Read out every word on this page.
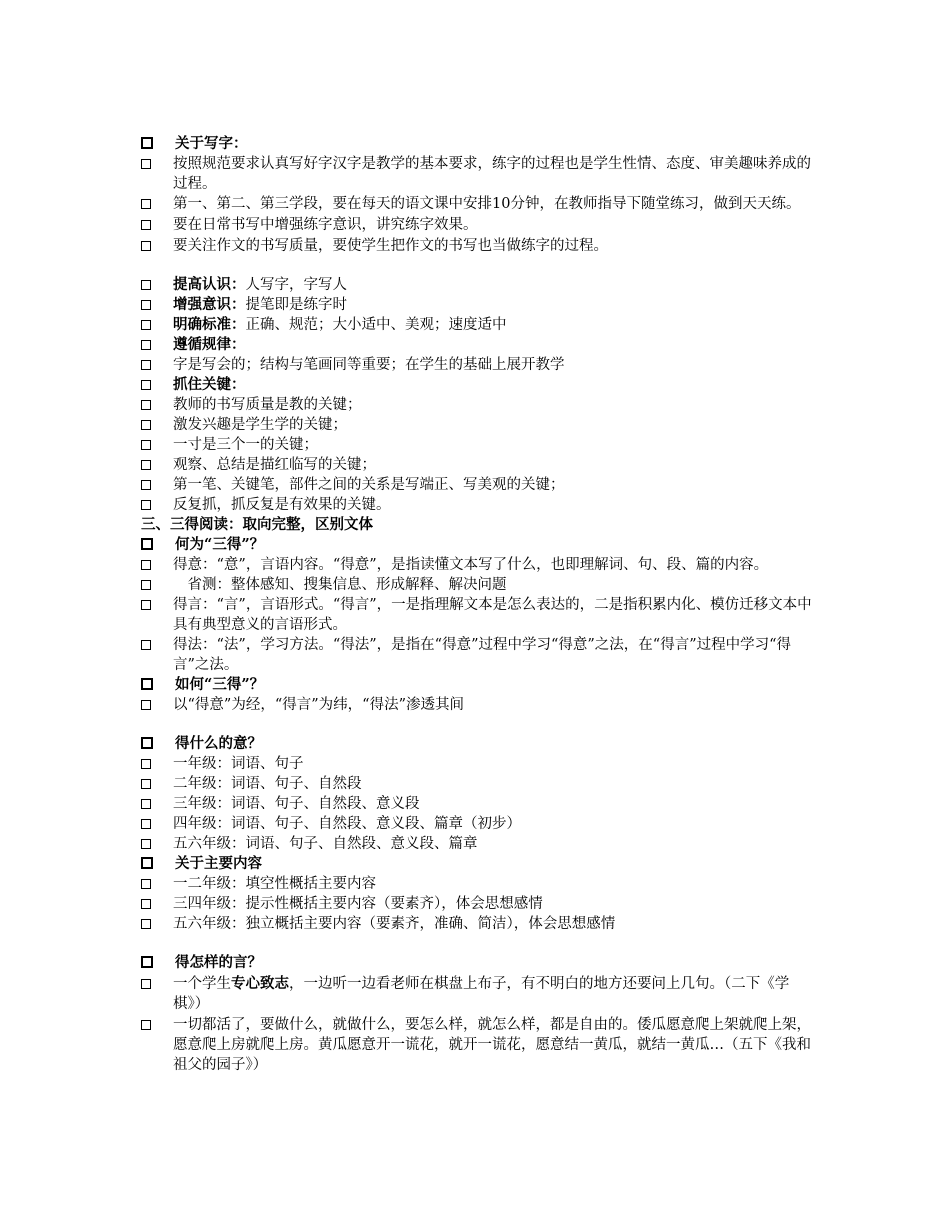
关于写字：
按照规范要求认真写好字汉字是教学的基本要求，练字的过程也是学生性情、态度、审美趣味养成的过程。
第一、第二、第三学段，要在每天的语文课中安排10分钟，在教师指导下随堂练习，做到天天练。
要在日常书写中增强练字意识，讲究练字效果。
要关注作文的书写质量，要使学生把作文的书写也当做练字的过程。
提高认识：人写字，字写人
增强意识：提笔即是练字时
明确标准：正确、规范；大小适中、美观；速度适中
遵循规律：
字是写会的；结构与笔画同等重要；在学生的基础上展开教学
抓住关键：
教师的书写质量是教的关键；
激发兴趣是学生学的关键；
一寸是三个一的关键；
观察、总结是描红临写的关键；
第一笔、关键笔，部件之间的关系是写端正、写美观的关键；
反复抓，抓反复是有效果的关键。
三、三得阅读：取向完整，区别文体
何为“三得”？
得意：“意”，言语内容。“得意”，是指读懂文本写了什么，也即理解词、句、段、篇的内容。
　省测：整体感知、搜集信息、形成解释、解决问题
得言：“言”，言语形式。“得言”，一是指理解文本是怎么表达的，二是指积累内化、模仿迁移文本中具有典型意义的言语形式。
得法：“法”，学习方法。“得法”，是指在“得意”过程中学习“得意”之法，在“得言”过程中学习“得言”之法。
如何“三得”？
以“得意”为经，“得言”为纬，“得法”渗透其间
得什么的意？
一年级：词语、句子
二年级：词语、句子、自然段
三年级：词语、句子、自然段、意义段
四年级：词语、句子、自然段、意义段、篇章（初步）
五六年级：词语、句子、自然段、意义段、篇章
关于主要内容
一二年级：填空性概括主要内容
三四年级：提示性概括主要内容（要素齐），体会思想感情
五六年级：独立概括主要内容（要素齐，准确、简洁），体会思想感情
得怎样的言？
一个学生专心致志，一边听一边看老师在棋盘上布子，有不明白的地方还要问上几句。（二下《学棋》）
一切都活了，要做什么，就做什么，要怎么样，就怎么样，都是自由的。倭瓜愿意爬上架就爬上架，愿意爬上房就爬上房。黄瓜愿意开一谎花，就开一谎花，愿意结一黄瓜，就结一黄瓜…（五下《我和祖父的园子》）
